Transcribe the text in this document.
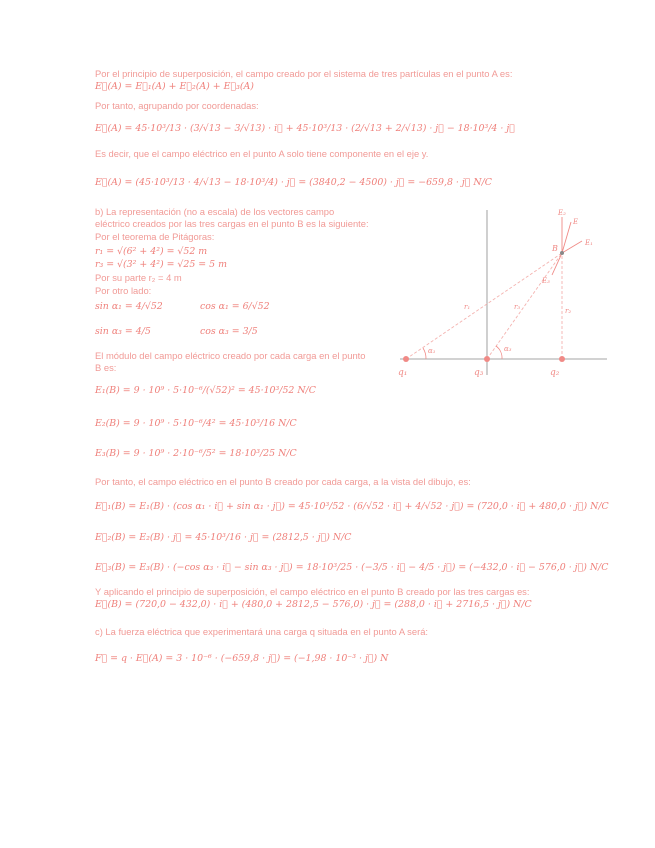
Por el principio de superposición, el campo creado por el sistema de tres partículas en el punto A es:
E⃗(A) = E⃗₁(A) + E⃗₂(A) + E⃗₃(A)
Por tanto, agrupando por coordenadas:
E⃗(A) = 45·10³/13 · (3/√13 − 3/√13) · i⃗ + 45·10³/13 · (2/√13 + 2/√13) · j⃗ − 18·10³/4 · j⃗
Es decir, que el campo eléctrico en el punto A solo tiene componente en el eje y.
E⃗(A) = (45·10³/13 · 4/√13 − 18·10³/4) · j⃗ = (3840,2 − 4500) · j⃗ = −659,8 · j⃗ N/C
b) La representación (no a escala) de los vectores campo
eléctrico creados por las tres cargas en el punto B es la siguiente:
Por el teorema de Pitágoras:
r₁ = √(6² + 4²) = √52 m
r₃ = √(3² + 4²) = √25 = 5 m
Por su parte r₂ = 4 m
Por otro lado:
sin α₁ = 4/√52	cos α₁ = 6/√52
sin α₃ = 4/5	cos α₃ = 3/5
El módulo del campo eléctrico creado por cada carga en el punto
B es:
E₁(B) = 9 · 10⁹ · 5·10⁻⁶/(√52)² = 45·10³/52 N/C
E₂(B) = 9 · 10⁹ · 5·10⁻⁶/4² = 45·10³/16 N/C
E₃(B) = 9 · 10⁹ · 2·10⁻⁶/5² = 18·10³/25 N/C
Por tanto, el campo eléctrico en el punto B creado por cada carga, a la vista del dibujo, es:
E⃗₁(B) = E₁(B) · (cos α₁ · i⃗ + sin α₁ · j⃗) = 45·10³/52 · (6/√52 · i⃗ + 4/√52 · j⃗) = (720,0 · i⃗ + 480,0 · j⃗) N/C
E⃗₂(B) = E₂(B) · j⃗ = 45·10³/16 · j⃗ = (2812,5 · j⃗) N/C
E⃗₃(B) = E₃(B) · (−cos α₃ · i⃗ − sin α₃ · j⃗) = 18·10³/25 · (−3/5 · i⃗ − 4/5 · j⃗) = (−432,0 · i⃗ − 576,0 · j⃗) N/C
Y aplicando el principio de superposición, el campo eléctrico en el punto B creado por las tres cargas es:
E⃗(B) = (720,0 − 432,0) · i⃗ + (480,0 + 2812,5 − 576,0) · j⃗ = (288,0 · i⃗ + 2716,5 · j⃗) N/C
c) La fuerza eléctrica que experimentará una carga q situada en el punto A será:
F⃗ = q · E⃗(A) = 3 · 10⁻⁶ · (−659,8 · j⃗) = (−1,98 · 10⁻³ · j⃗) N
q₁	q₃	q₂
B
r₁	r₂
r₃
α₁	α₃
E₁
E₂
E₃
E
